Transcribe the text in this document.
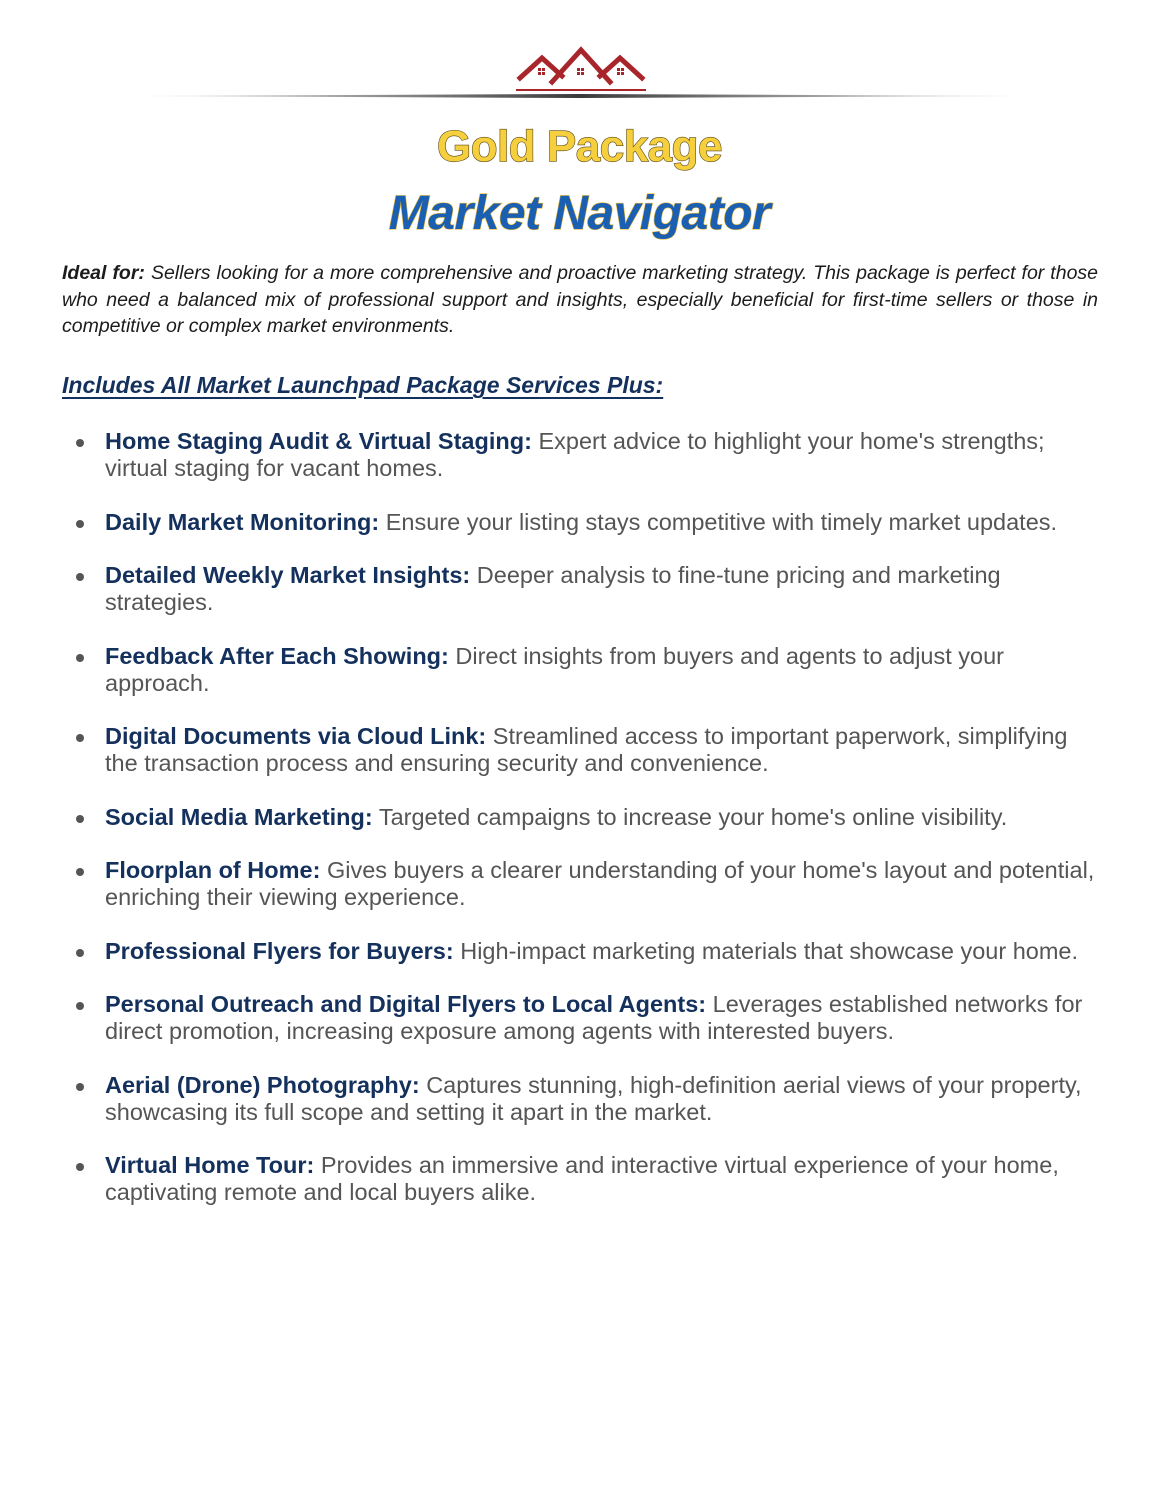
Gold Package
Market Navigator
Ideal for: Sellers looking for a more comprehensive and proactive marketing strategy. This package is perfect for those who need a balanced mix of professional support and insights, especially beneficial for first-time sellers or those in competitive or complex market environments.
Includes All Market Launchpad Package Services Plus:
Home Staging Audit & Virtual Staging: Expert advice to highlight your home's strengths; virtual staging for vacant homes.
Daily Market Monitoring: Ensure your listing stays competitive with timely market updates.
Detailed Weekly Market Insights: Deeper analysis to fine-tune pricing and marketing strategies.
Feedback After Each Showing: Direct insights from buyers and agents to adjust your approach.
Digital Documents via Cloud Link: Streamlined access to important paperwork, simplifying the transaction process and ensuring security and convenience.
Social Media Marketing: Targeted campaigns to increase your home's online visibility.
Floorplan of Home: Gives buyers a clearer understanding of your home's layout and potential, enriching their viewing experience.
Professional Flyers for Buyers: High-impact marketing materials that showcase your home.
Personal Outreach and Digital Flyers to Local Agents: Leverages established networks for direct promotion, increasing exposure among agents with interested buyers.
Aerial (Drone) Photography: Captures stunning, high-definition aerial views of your property, showcasing its full scope and setting it apart in the market.
Virtual Home Tour: Provides an immersive and interactive virtual experience of your home, captivating remote and local buyers alike.
